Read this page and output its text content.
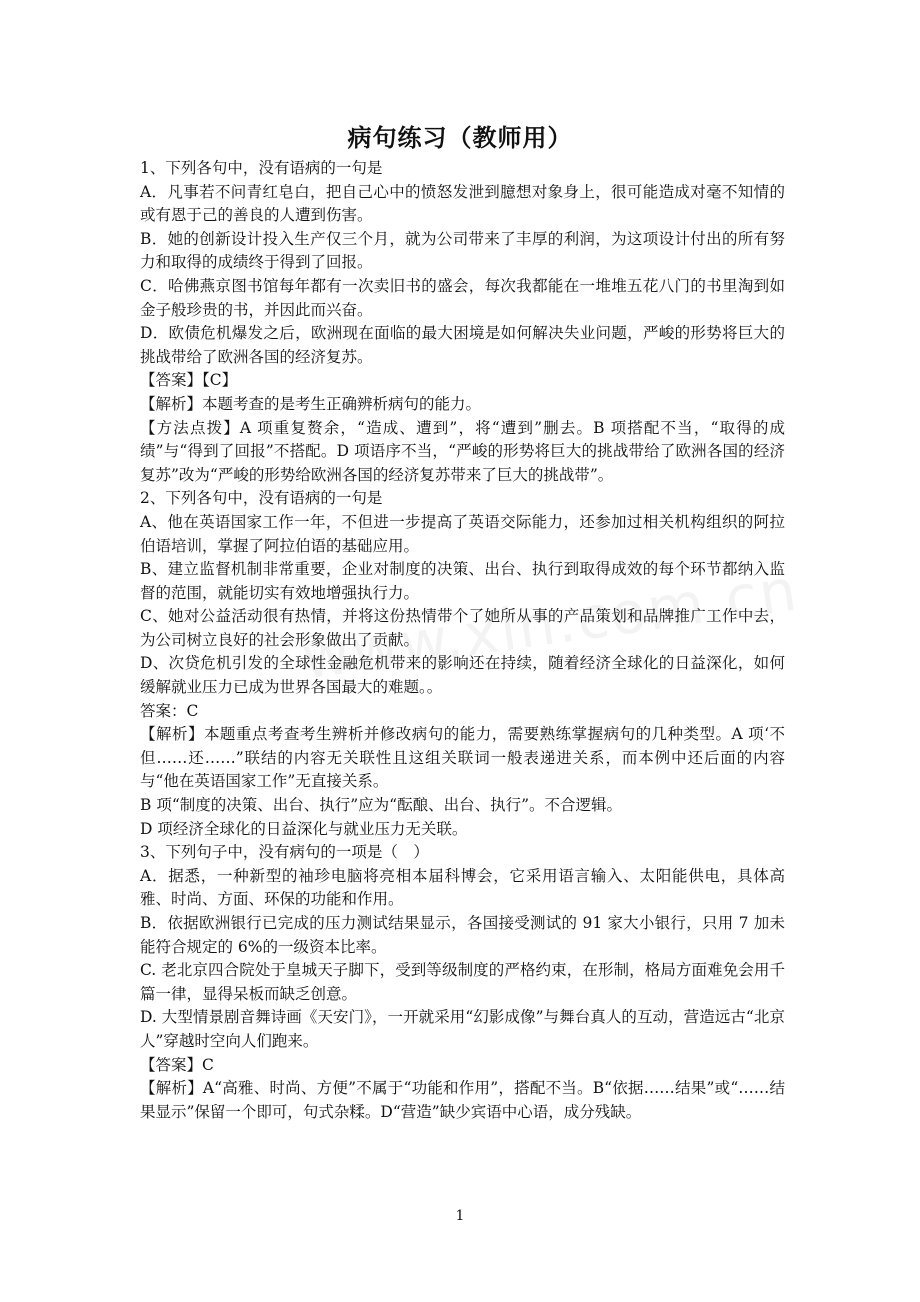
病句练习（教师用）

1、下列各句中，没有语病的一句是

A．凡事若不问青红皂白，把自己心中的愤怒发泄到臆想对象身上，很可能造成对毫不知情的或有恩于己的善良的人遭到伤害。

B．她的创新设计投入生产仅三个月，就为公司带来了丰厚的利润，为这项设计付出的所有努力和取得的成绩终于得到了回报。

C．哈佛燕京图书馆每年都有一次卖旧书的盛会，每次我都能在一堆堆五花八门的书里淘到如金子般珍贵的书，并因此而兴奋。

D．欧债危机爆发之后，欧洲现在面临的最大困境是如何解决失业问题，严峻的形势将巨大的挑战带给了欧洲各国的经济复苏。

【答案】【C】

【解析】本题考查的是考生正确辨析病句的能力。

【方法点拨】A 项重复赘余，“造成、遭到”，将“遭到”删去。B 项搭配不当，“取得的成绩”与“得到了回报”不搭配。D 项语序不当，“严峻的形势将巨大的挑战带给了欧洲各国的经济复苏”改为“严峻的形势给欧洲各国的经济复苏带来了巨大的挑战带”。

2、下列各句中，没有语病的一句是

A、他在英语国家工作一年，不但进一步提高了英语交际能力，还参加过相关机构组织的阿拉伯语培训，掌握了阿拉伯语的基础应用。

B、建立监督机制非常重要，企业对制度的决策、出台、执行到取得成效的每个环节都纳入监督的范围，就能切实有效地增强执行力。

C、她对公益活动很有热情，并将这份热情带个了她所从事的产品策划和品牌推广工作中去，为公司树立良好的社会形象做出了贡献。

D、次贷危机引发的全球性金融危机带来的影响还在持续，随着经济全球化的日益深化，如何缓解就业压力已成为世界各国最大的难题。。

答案：C

【解析】本题重点考查考生辨析并修改病句的能力，需要熟练掌握病句的几种类型。A 项‘不但……还……”联结的内容无关联性且这组关联词一般表递进关系，而本例中还后面的内容与“他在英语国家工作”无直接关系。

B 项“制度的决策、出台、执行”应为“酝酿、出台、执行”。不合逻辑。

D 项经济全球化的日益深化与就业压力无关联。

3、下列句子中，没有病句的一项是（　）

A．据悉，一种新型的袖珍电脑将亮相本届科博会，它采用语言输入、太阳能供电，具体高雅、时尚、方面、环保的功能和作用。

B．依据欧洲银行已完成的压力测试结果显示，各国接受测试的 91 家大小银行，只用 7 加未能符合规定的 6%的一级资本比率。

C. 老北京四合院处于皇城天子脚下，受到等级制度的严格约束，在形制，格局方面难免会用千篇一律，显得呆板而缺乏创意。

D. 大型情景剧音舞诗画《天安门》，一开就采用“幻影成像”与舞台真人的互动，营造远古“北京人”穿越时空向人们跑来。

【答案】C

【解析】A“高雅、时尚、方便”不属于“功能和作用”，搭配不当。B“依据……结果”或“……结果显示”保留一个即可，句式杂糅。D“营造”缺少宾语中心语，成分残缺。

1
